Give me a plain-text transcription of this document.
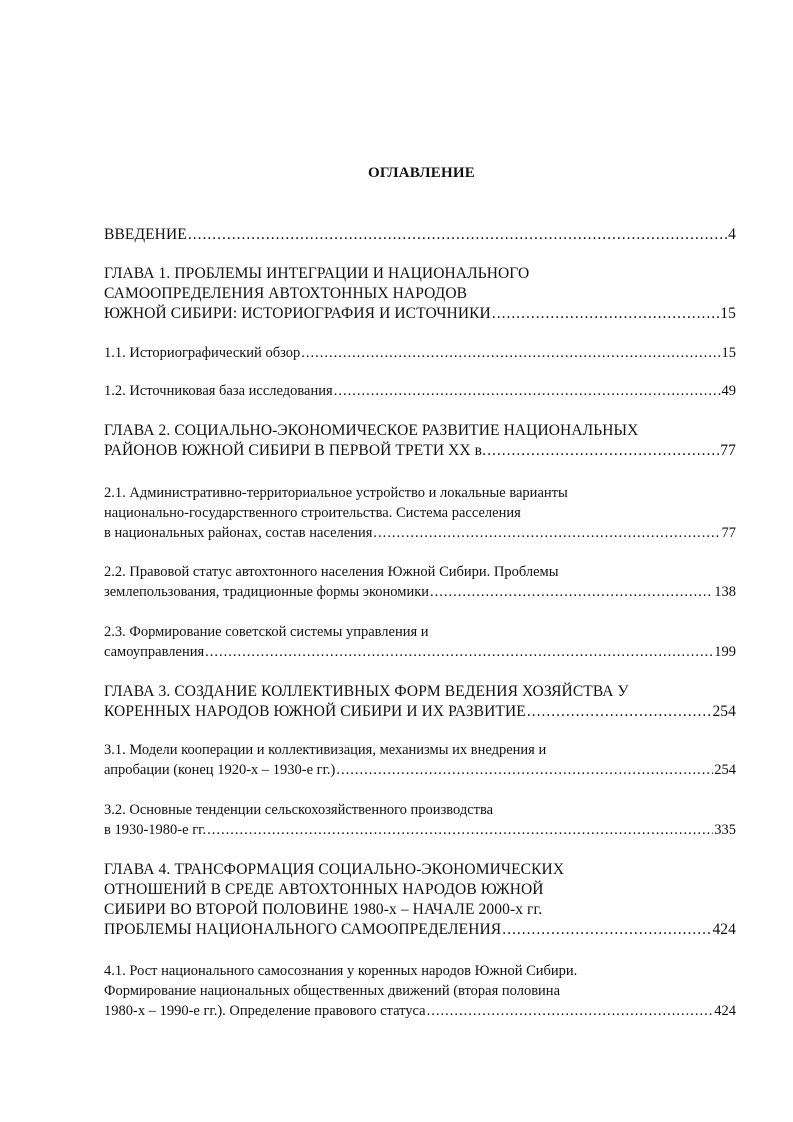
ОГЛАВЛЕНИЕ
ВВЕДЕНИЕ .....	4
ГЛАВА 1. ПРОБЛЕМЫ ИНТЕГРАЦИИ И НАЦИОНАЛЬНОГО
САМООПРЕДЕЛЕНИЯ АВТОХТОННЫХ НАРОДОВ
ЮЖНОЙ СИБИРИ: ИСТОРИОГРАФИЯ И ИСТОЧНИКИ .....	15
1.1. Историографический обзор .....	15
1.2. Источниковая база исследования .....	49
ГЛАВА 2. СОЦИАЛЬНО-ЭКОНОМИЧЕСКОЕ РАЗВИТИЕ НАЦИОНАЛЬНЫХ
РАЙОНОВ ЮЖНОЙ СИБИРИ В ПЕРВОЙ ТРЕТИ XX в. .....	77
2.1. Административно-территориальное устройство и локальные варианты
национально-государственного строительства. Система расселения
в национальных районах, состав населения .....	77
2.2. Правовой статус автохтонного населения Южной Сибири. Проблемы
землепользования, традиционные формы экономики .....	138
2.3. Формирование советской системы управления и
самоуправления .....	199
ГЛАВА 3. СОЗДАНИЕ КОЛЛЕКТИВНЫХ ФОРМ ВЕДЕНИЯ ХОЗЯЙСТВА У
КОРЕННЫХ НАРОДОВ ЮЖНОЙ СИБИРИ И ИХ РАЗВИТИЕ .....	254
3.1. Модели кооперации и коллективизация, механизмы их внедрения и
апробации (конец 1920-х – 1930-е гг.) .....	254
3.2. Основные тенденции сельскохозяйственного производства
в 1930-1980-е гг. .....	335
ГЛАВА 4. ТРАНСФОРМАЦИЯ СОЦИАЛЬНО-ЭКОНОМИЧЕСКИХ
ОТНОШЕНИЙ В СРЕДЕ АВТОХТОННЫХ НАРОДОВ ЮЖНОЙ
СИБИРИ ВО ВТОРОЙ ПОЛОВИНЕ 1980-х – НАЧАЛЕ 2000-х гг.
ПРОБЛЕМЫ НАЦИОНАЛЬНОГО САМООПРЕДЕЛЕНИЯ .....	424
4.1. Рост национального самосознания у коренных народов Южной Сибири.
Формирование национальных общественных движений (вторая половина
1980-х – 1990-е гг.). Определение правового статуса .....	424
